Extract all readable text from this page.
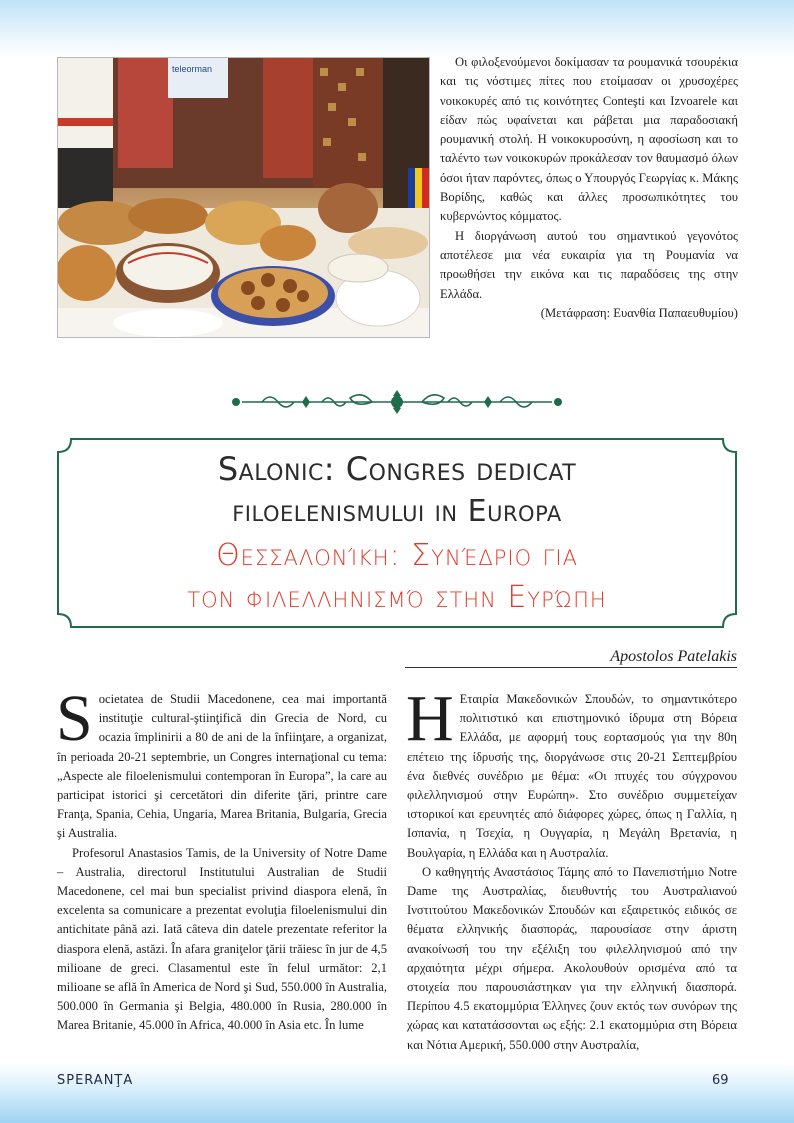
teleorman	Οι φιλοξενούμενοι δοκίμασαν τα ρουμανικά τσουρέκια και τις νόστιμες πίτες που ετοίμασαν οι χρυσοχέρες νοικοκυρές από τις κοινότητες Conteşti και Izvoarele και είδαν πώς υφαίνεται και ράβεται μια παραδοσιακή ρουμανική στολή. Η νοικοκυροσύνη, η αφοσίωση και το ταλέντο των νοικοκυρών προκάλεσαν τον θαυμασμό όλων όσοι ήταν παρόντες, όπως ο Υπουργός Γεωργίας κ. Μάκης Βορίδης, καθώς και άλλες προσωπικότητες του κυβερνώντος κόμματος.

Η διοργάνωση αυτού του σημαντικού γεγονότος αποτέλεσε μια νέα ευκαιρία για τη Ρουμανία να προωθήσει την εικόνα και τις παραδόσεις της στην Ελλάδα.

(Μετάφραση: Ευανθία Παπαευθυμίου)

Salonic: Congres dedicat
filoelenismului in Europa
Θεσσαλονίκη: Συνέδριο για
τον φιλελληνισμό στην Ευρώπη
Apostolos Patelakis

Societatea de Studii Macedonene, cea mai importantă instituţie cultural-ştiinţifică din Grecia de Nord, cu ocazia împlinirii a 80 de ani de la înfiinţare, a organizat, în perioada 20-21 septembrie, un Congres internaţional cu tema: „Aspecte ale filoelenismului contemporan în Europa”, la care au participat istorici şi cercetători din diferite ţări, printre care Franţa, Spania, Cehia, Ungaria, Marea Britania, Bulgaria, Grecia şi Australia.

Profesorul Anastasios Tamis, de la University of Notre Dame – Australia, directorul Institutului Australian de Studii Macedonene, cel mai bun specialist privind diaspora elenă, în excelenta sa comunicare a prezentat evoluţia filoelenismului din antichitate până azi. Iată câteva din datele prezentate referitor la diaspora elenă, astăzi. În afara graniţelor ţării trăiesc în jur de 4,5 milioane de greci. Clasamentul este în felul următor: 2,1 milioane se află în America de Nord şi Sud, 550.000 în Australia, 500.000 în Germania şi Belgia, 480.000 în Rusia, 280.000 în Marea Britanie, 45.000 în Africa, 40.000 în Asia etc. În lume

Η Εταιρία Μακεδονικών Σπουδών, το σημαντικότερο πολιτιστικό και επιστημονικό ίδρυμα στη Βόρεια Ελλάδα, με αφορμή τους εορτασμούς για την 80η επέτειο της ίδρυσής της, διοργάνωσε στις 20-21 Σεπτεμβρίου ένα διεθνές συνέδριο με θέμα: «Οι πτυχές του σύγχρονου φιλελληνισμού στην Ευρώπη». Στο συνέδριο συμμετείχαν ιστορικοί και ερευνητές από διάφορες χώρες, όπως η Γαλλία, η Ισπανία, η Τσεχία, η Ουγγαρία, η Μεγάλη Βρετανία, η Βουλγαρία, η Ελλάδα και η Αυστραλία.

Ο καθηγητής Αναστάσιος Τάμης από το Πανεπιστήμιο Notre Dame της Αυστραλίας, διευθυντής του Αυστραλιανού Ινστιτούτου Μακεδονικών Σπουδών και εξαιρετικός ειδικός σε θέματα ελληνικής διασποράς, παρουσίασε στην άριστη ανακοίνωσή του την εξέλιξη του φιλελληνισμού από την αρχαιότητα μέχρι σήμερα. Ακολουθούν ορισμένα από τα στοιχεία που παρουσιάστηκαν για την ελληνική διασπορά. Περίπου 4.5 εκατομμύρια Έλληνες ζουν εκτός των συνόρων της χώρας και κατατάσσονται ως εξής: 2.1 εκατομμύρια στη Βόρεια και Νότια Αμερική, 550.000 στην Αυστραλία,

SPERANŢA	69
